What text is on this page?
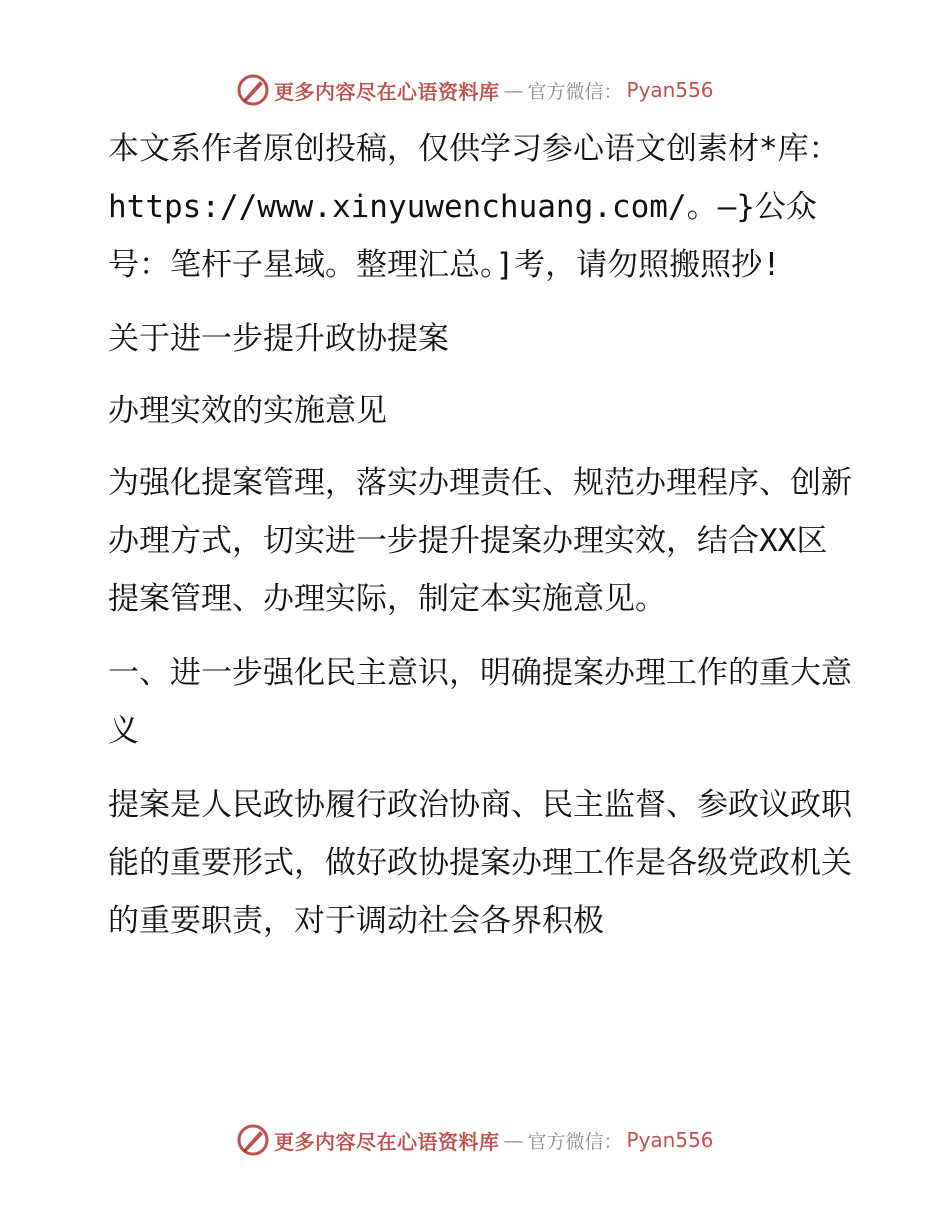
更多内容尽在心语资料库 — 官方微信： Pyan556

本文系作者原创投稿，仅供学习参心语文创素材*库：https://www.xinyuwenchuang.com/。—}公众号：笔杆子星域。整理汇总。]考，请勿照搬照抄!

关于进一步提升政协提案

办理实效的实施意见

为强化提案管理，落实办理责任、规范办理程序、创新办理方式，切实进一步提升提案办理实效，结合XX区提案管理、办理实际，制定本实施意见。

一、进一步强化民主意识，明确提案办理工作的重大意义

提案是人民政协履行政治协商、民主监督、参政议政职能的重要形式，做好政协提案办理工作是各级党政机关的重要职责，对于调动社会各界积极

更多内容尽在心语资料库 — 官方微信： Pyan556
